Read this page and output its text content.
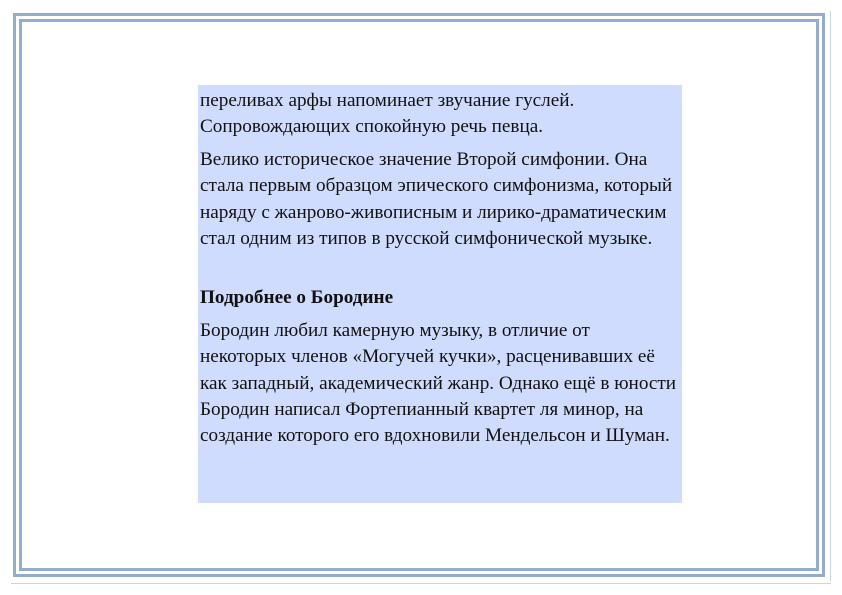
переливах арфы напоминает звучание гуслей. Сопровождающих спокойную речь певца.

Велико историческое значение Второй симфонии. Она стала первым образцом эпического симфонизма, который наряду с жанрово-живописным и лирико-драматическим стал одним из типов в русской симфонической музыке.

Подробнее о Бородине

Бородин любил камерную музыку, в отличие от некоторых членов «Могучей кучки», расценивавших её как западный, академический жанр. Однако ещё в юности Бородин написал Фортепианный квартет ля минор, на создание которого его вдохновили Мендельсон и Шуман.
